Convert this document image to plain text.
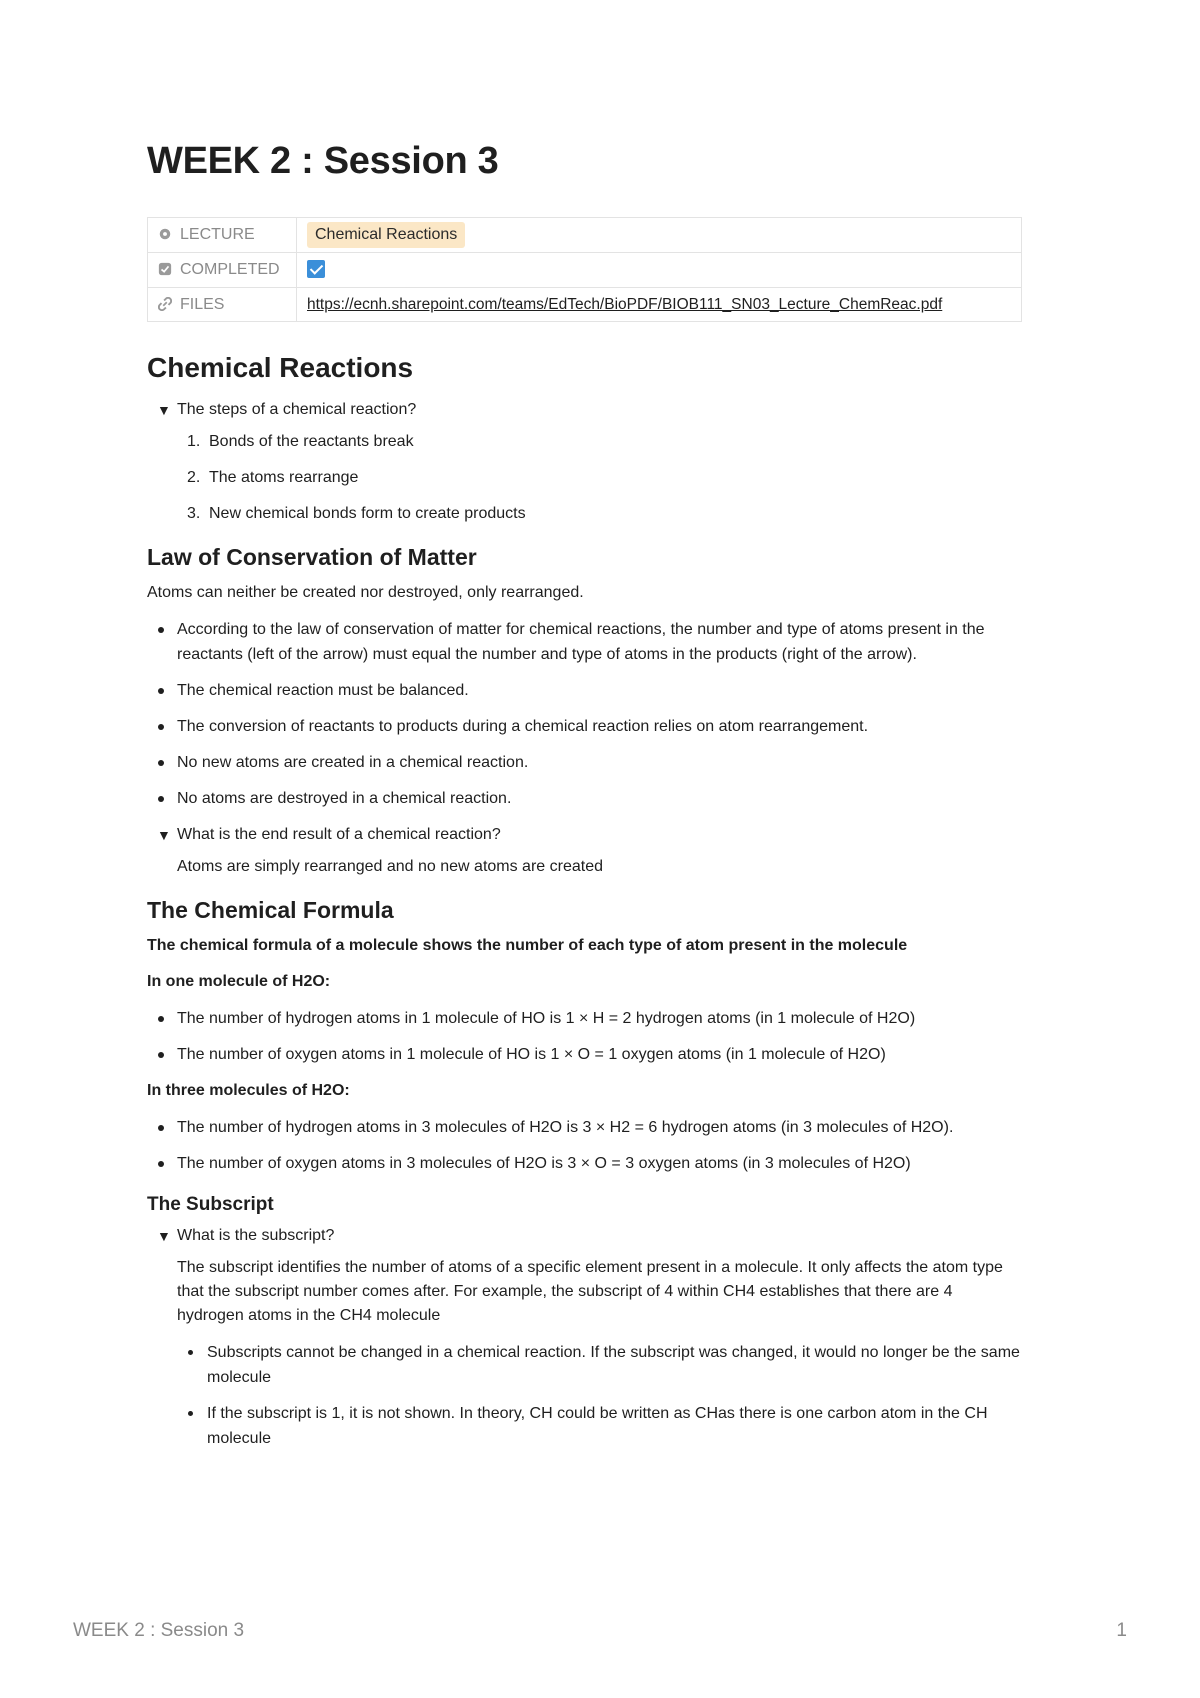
WEEK 2 : Session 3
LECTURE	Chemical Reactions
COMPLETED	
FILES	https://ecnh.sharepoint.com/teams/EdTech/BioPDF/BIOB111_SN03_Lecture_ChemReac.pdf
Chemical Reactions
▼ The steps of a chemical reaction?
1. Bonds of the reactants break
2. The atoms rearrange
3. New chemical bonds form to create products
Law of Conservation of Matter

Atoms can neither be created nor destroyed, only rearranged.

According to the law of conservation of matter for chemical reactions, the number and type of atoms present in the reactants (left of the arrow) must equal the number and type of atoms in the products (right of the arrow).
The chemical reaction must be balanced.
The conversion of reactants to products during a chemical reaction relies on atom rearrangement.
No new atoms are created in a chemical reaction.
No atoms are destroyed in a chemical reaction.
▼ What is the end result of a chemical reaction?

Atoms are simply rearranged and no new atoms are created

The Chemical Formula

The chemical formula of a molecule shows the number of each type of atom present in the molecule

In one molecule of H2O:

The number of hydrogen atoms in 1 molecule of HO is 1 × H = 2 hydrogen atoms (in 1 molecule of H2O)
The number of oxygen atoms in 1 molecule of HO is 1 × O = 1 oxygen atoms (in 1 molecule of H2O)

In three molecules of H2O:

The number of hydrogen atoms in 3 molecules of H2O is 3 × H2 = 6 hydrogen atoms (in 3 molecules of H2O).
The number of oxygen atoms in 3 molecules of H2O is 3 × O = 3 oxygen atoms (in 3 molecules of H2O)
The Subscript
▼ What is the subscript?

The subscript identifies the number of atoms of a specific element present in a molecule. It only affects the atom type that the subscript number comes after. For example, the subscript of 4 within CH4 establishes that there are 4 hydrogen atoms in the CH4 molecule

Subscripts cannot be changed in a chemical reaction. If the subscript was changed, it would no longer be the same molecule
If the subscript is 1, it is not shown. In theory, CH could be written as CHas there is one carbon atom in the CH molecule
WEEK 2 : Session 3	1
